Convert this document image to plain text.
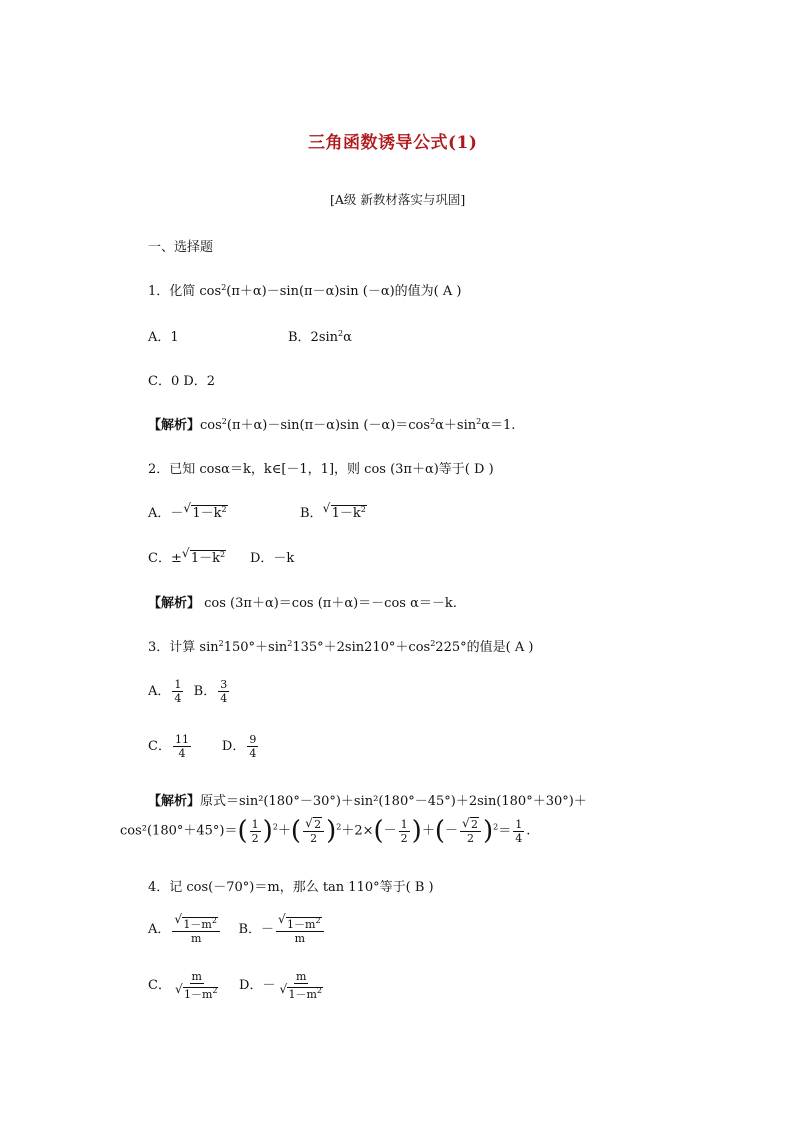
三角函数诱导公式(1)
[A级 新教材落实与巩固]
一、选择题
1．化简 $\cos^2(\pi+\alpha)-\sin(\pi-\alpha)\sin$ (－α)的值为( A )
A．1	B．$2\sin^2\alpha$
C．0 D．2
【解析】$\cos^2(\pi+\alpha)-\sin(\pi-\alpha)\sin$ $(-\alpha)=\cos^2\alpha+\sin^2\alpha=1$.
2．已知 cosα＝k，k∈[－1，1]，则 cos (3π＋α)等于( D )
A．－ √ $1-k^2$	B． √ $1-k^2$
C．± √ $1-k^2$ D．－k
【解析】 cos (3π＋α)＝cos (π＋α)＝－cos α＝－k.
3．计算 $\sin^2150^\circ+\sin^2135^\circ+2\sin 210^\circ+\cos^2225^\circ$的值是( A )
A． $\frac{1}{4}$ B． $\frac{3}{4}$
C． $\frac{11}{4}$ D． $\frac{9}{4}$
【解析】原式＝sin²(180°－30°)＋sin²(180°－45°)＋2sin(180°＋30°)＋
$\cos^2(180^\circ+45^\circ)=( \frac{1}{2} )^2+$( √ $\frac{2}{2} )^2+2\times(- \frac{1}{2}$ )＋(－ √ $\frac{2}{2} )^2= \frac{1}{4}$ .
4．记 cos(－70°)＝m，那么 tan 110°等于( B )
A． √ $\frac{1-m^2}{m}$ B．－ √ $\frac{1-m^2}{m}$
C． m
√ $1-m^2$ D．－ m
√ $1-m^2$
